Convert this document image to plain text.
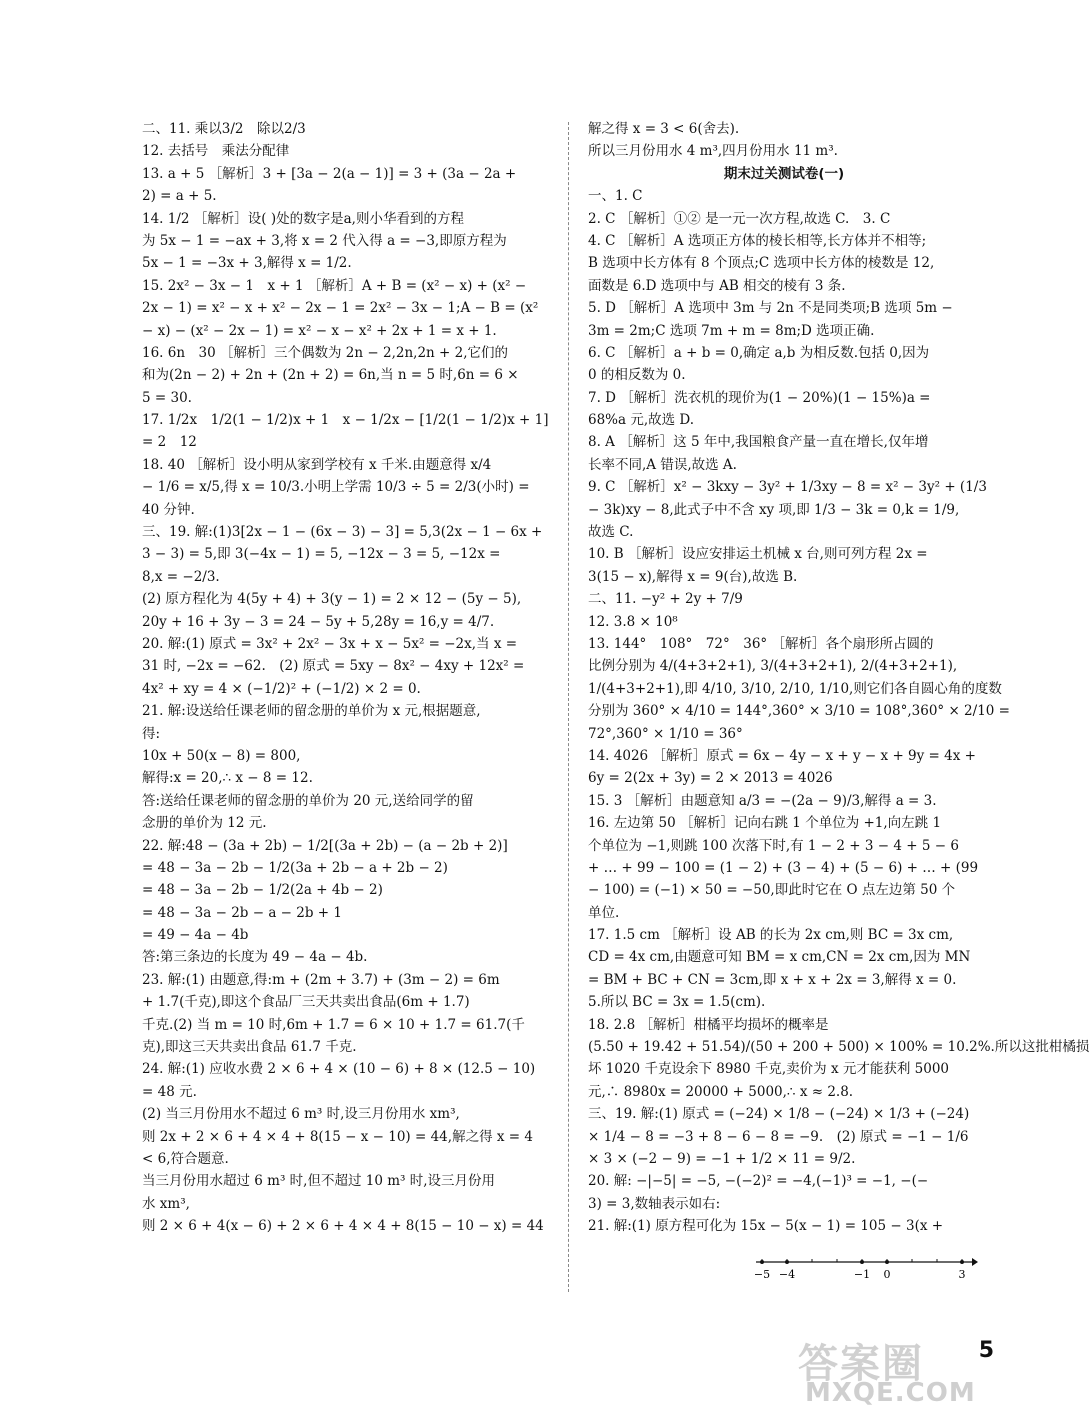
二、11. 乘以3/2　除以2/3
12. 去括号　乘法分配律
13. a + 5 ［解析］3 + [3a − 2(a − 1)] = 3 + (3a − 2a +
2) = a + 5.
14. 1/2 ［解析］设( )处的数字是a,则小华看到的方程
为 5x − 1 = −ax + 3,将 x = 2 代入得 a = −3,即原方程为
5x − 1 = −3x + 3,解得 x = 1/2.
15. 2x² − 3x − 1　x + 1 ［解析］A + B = (x² − x) + (x² −
2x − 1) = x² − x + x² − 2x − 1 = 2x² − 3x − 1;A − B = (x²
− x) − (x² − 2x − 1) = x² − x − x² + 2x + 1 = x + 1.
16. 6n　30 ［解析］三个偶数为 2n − 2,2n,2n + 2,它们的
和为(2n − 2) + 2n + (2n + 2) = 6n,当 n = 5 时,6n = 6 ×
5 = 30.
17. 1/2x　1/2(1 − 1/2)x + 1　x − 1/2x − [1/2(1 − 1/2)x + 1]
= 2　12
18. 40 ［解析］设小明从家到学校有 x 千米.由题意得 x/4
− 1/6 = x/5,得 x = 10/3.小明上学需 10/3 ÷ 5 = 2/3(小时) =
40 分钟.
三、19. 解:(1)3[2x − 1 − (6x − 3) − 3] = 5,3(2x − 1 − 6x +
3 − 3) = 5,即 3(−4x − 1) = 5, −12x − 3 = 5, −12x =
8,x = −2/3.
(2) 原方程化为 4(5y + 4) + 3(y − 1) = 2 × 12 − (5y − 5),
20y + 16 + 3y − 3 = 24 − 5y + 5,28y = 16,y = 4/7.
20. 解:(1) 原式 = 3x² + 2x² − 3x + x − 5x² = −2x,当 x =
31 时, −2x = −62.　(2) 原式 = 5xy − 8x² − 4xy + 12x² =
4x² + xy = 4 × (−1/2)² + (−1/2) × 2 = 0.
21. 解:设送给任课老师的留念册的单价为 x 元,根据题意,
得:
10x + 50(x − 8) = 800,
解得:x = 20,∴ x − 8 = 12.
答:送给任课老师的留念册的单价为 20 元,送给同学的留
念册的单价为 12 元.
22. 解:48 − (3a + 2b) − 1/2[(3a + 2b) − (a − 2b + 2)]
= 48 − 3a − 2b − 1/2(3a + 2b − a + 2b − 2)
= 48 − 3a − 2b − 1/2(2a + 4b − 2)
= 48 − 3a − 2b − a − 2b + 1
= 49 − 4a − 4b
答:第三条边的长度为 49 − 4a − 4b.
23. 解:(1) 由题意,得:m + (2m + 3.7) + (3m − 2) = 6m
+ 1.7(千克),即这个食品厂三天共卖出食品(6m + 1.7)
千克.(2) 当 m = 10 时,6m + 1.7 = 6 × 10 + 1.7 = 61.7(千
克),即这三天共卖出食品 61.7 千克.
24. 解:(1) 应收水费 2 × 6 + 4 × (10 − 6) + 8 × (12.5 − 10)
= 48 元.
(2) 当三月份用水不超过 6 m³ 时,设三月份用水 xm³,
则 2x + 2 × 6 + 4 × 4 + 8(15 − x − 10) = 44,解之得 x = 4
< 6,符合题意.
当三月份用水超过 6 m³ 时,但不超过 10 m³ 时,设三月份用
水 xm³,
则 2 × 6 + 4(x − 6) + 2 × 6 + 4 × 4 + 8(15 − 10 − x) = 44
解之得 x = 3 < 6(舍去).
所以三月份用水 4 m³,四月份用水 11 m³.
期末过关测试卷(一)
一、1. C
2. C ［解析］①② 是一元一次方程,故选 C.　3. C
4. C ［解析］A 选项正方体的棱长相等,长方体并不相等;
B 选项中长方体有 8 个顶点;C 选项中长方体的棱数是 12,
面数是 6.D 选项中与 AB 相交的棱有 3 条.
5. D ［解析］A 选项中 3m 与 2n 不是同类项;B 选项 5m −
3m = 2m;C 选项 7m + m = 8m;D 选项正确.
6. C ［解析］a + b = 0,确定 a,b 为相反数.包括 0,因为
0 的相反数为 0.
7. D ［解析］洗衣机的现价为(1 − 20%)(1 − 15%)a =
68%a 元,故选 D.
8. A ［解析］这 5 年中,我国粮食产量一直在增长,仅年增
长率不同,A 错误,故选 A.
9. C ［解析］x² − 3kxy − 3y² + 1/3xy − 8 = x² − 3y² + (1/3
− 3k)xy − 8,此式子中不含 xy 项,即 1/3 − 3k = 0,k = 1/9,
故选 C.
10. B ［解析］设应安排运土机械 x 台,则可列方程 2x =
3(15 − x),解得 x = 9(台),故选 B.
二、11. −y² + 2y + 7/9
12. 3.8 × 10⁸
13. 144°　108°　72°　36° ［解析］各个扇形所占圆的
比例分别为 4/(4+3+2+1), 3/(4+3+2+1), 2/(4+3+2+1),
1/(4+3+2+1),即 4/10, 3/10, 2/10, 1/10,则它们各自圆心角的度数
分别为 360° × 4/10 = 144°,360° × 3/10 = 108°,360° × 2/10 =
72°,360° × 1/10 = 36°
14. 4026 ［解析］原式 = 6x − 4y − x + y − x + 9y = 4x +
6y = 2(2x + 3y) = 2 × 2013 = 4026
15. 3 ［解析］由题意知 a/3 = −(2a − 9)/3,解得 a = 3.
16. 左边第 50 ［解析］记向右跳 1 个单位为 +1,向左跳 1
个单位为 −1,则跳 100 次落下时,有 1 − 2 + 3 − 4 + 5 − 6
+ … + 99 − 100 = (1 − 2) + (3 − 4) + (5 − 6) + … + (99
− 100) = (−1) × 50 = −50,即此时它在 O 点左边第 50 个
单位.
17. 1.5 cm ［解析］设 AB 的长为 2x cm,则 BC = 3x cm,
CD = 4x cm,由题意可知 BM = x cm,CN = 2x cm,因为 MN
= BM + BC + CN = 3cm,即 x + x + 2x = 3,解得 x = 0.
5.所以 BC = 3x = 1.5(cm).
18. 2.8 ［解析］柑橘平均损坏的概率是
(5.50 + 19.42 + 51.54)/(50 + 200 + 500) × 100% = 10.2%.所以这批柑橘损
坏 1020 千克设余下 8980 千克,卖价为 x 元才能获利 5000
元,∴ 8980x = 20000 + 5000,∴ x ≈ 2.8.
三、19. 解:(1) 原式 = (−24) × 1/8 − (−24) × 1/3 + (−24)
× 1/4 − 8 = −3 + 8 − 6 − 8 = −9.　(2) 原式 = −1 − 1/6
× 3 × (−2 − 9) = −1 + 1/2 × 11 = 9/2.
20. 解: −|−5| = −5, −(−2)² = −4,(−1)³ = −1, −(−
3) = 3,数轴表示如右:
21. 解:(1) 原方程可化为 15x − 5(x − 1) = 105 − 3(x +
−5 −4	−1 0	3
5
答案圈
MXQE.COM
